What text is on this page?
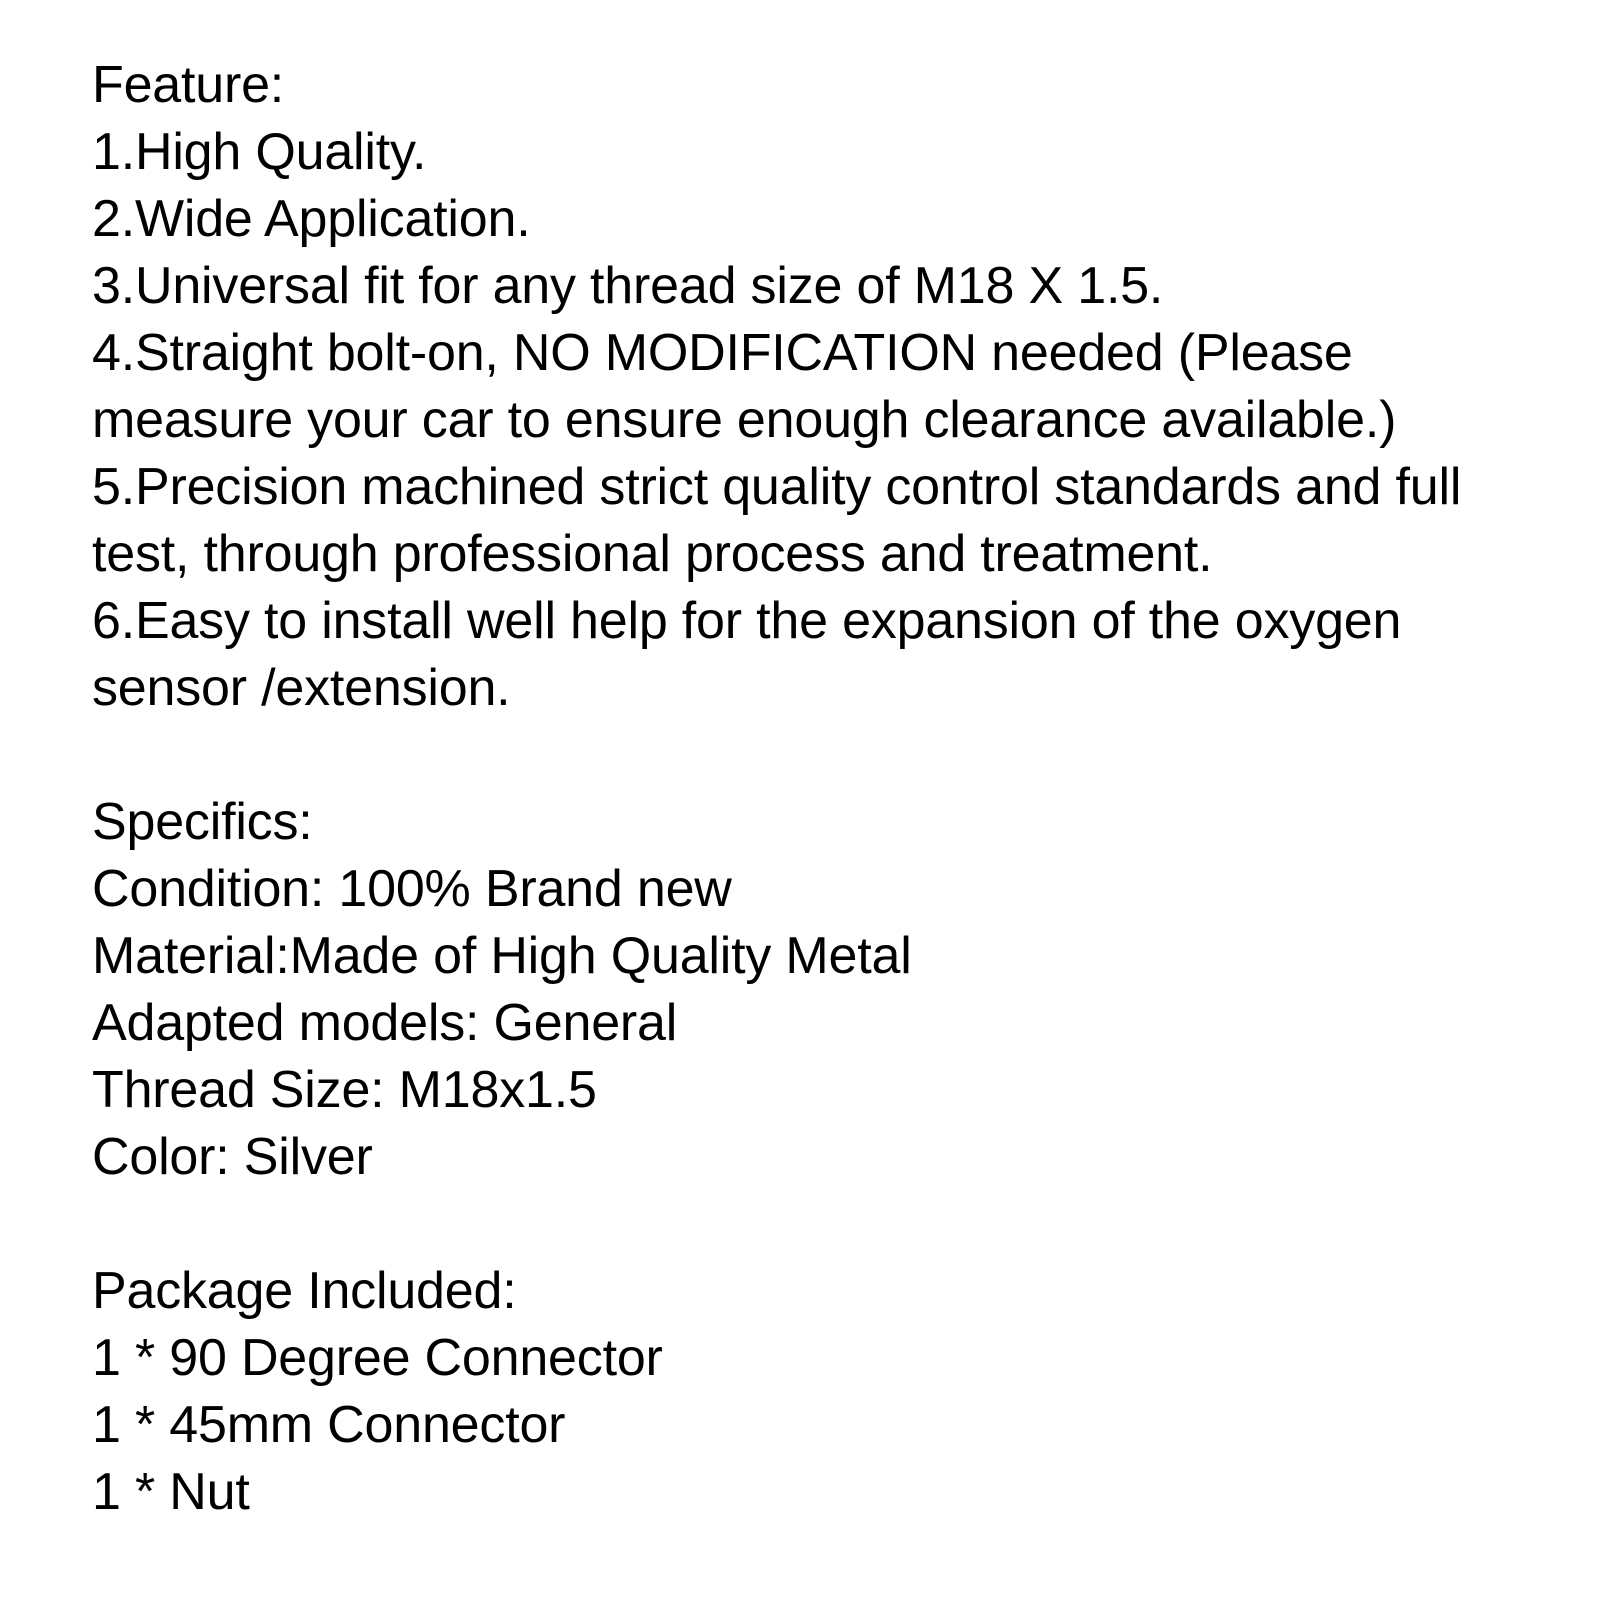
Feature:
1.High Quality.
2.Wide Application.
3.Universal fit for any thread size of M18 X 1.5.
4.Straight bolt-on, NO MODIFICATION needed (Please measure your car to ensure enough clearance available.)
5.Precision machined strict quality control standards and full test, through professional process and treatment.
6.Easy to install well help for the expansion of the oxygen sensor /extension.
Specifics:
Condition: 100% Brand new
Material:Made of High Quality Metal
Adapted models: General
Thread Size: M18x1.5
Color: Silver
Package Included:
1 * 90 Degree Connector
1 * 45mm Connector
1 * Nut
